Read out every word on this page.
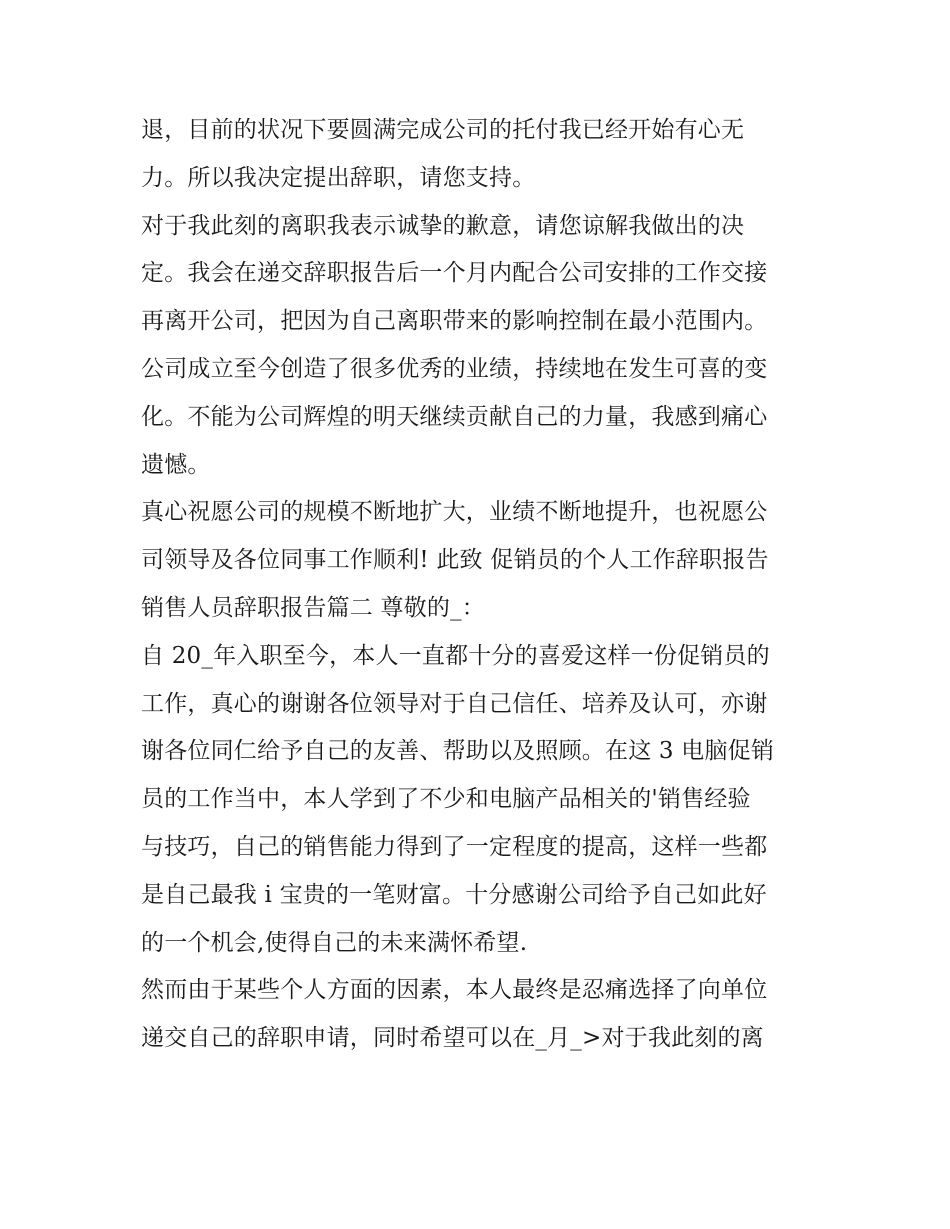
退，目前的状况下要圆满完成公司的托付我已经开始有心无
力。所以我决定提出辞职，请您支持。
对于我此刻的离职我表示诚挚的歉意，请您谅解我做出的决
定。我会在递交辞职报告后一个月内配合公司安排的工作交接
再离开公司，把因为自己离职带来的影响控制在最小范围内。
公司成立至今创造了很多优秀的业绩，持续地在发生可喜的变
化。不能为公司辉煌的明天继续贡献自己的力量，我感到痛心
遗憾。
真心祝愿公司的规模不断地扩大，业绩不断地提升，也祝愿公
司领导及各位同事工作顺利! 此致 促销员的个人工作辞职报告
销售人员辞职报告篇二 尊敬的_：
自 20_年入职至今，本人一直都十分的喜爱这样一份促销员的
工作，真心的谢谢各位领导对于自己信任、培养及认可，亦谢
谢各位同仁给予自己的友善、帮助以及照顾。在这 3 电脑促销
员的工作当中，本人学到了不少和电脑产品相关的'销售经验
与技巧，自己的销售能力得到了一定程度的提高，这样一些都
是自己最我 i 宝贵的一笔财富。十分感谢公司给予自己如此好
的一个机会,使得自己的未来满怀希望.
然而由于某些个人方面的因素，本人最终是忍痛选择了向单位
递交自己的辞职申请，同时希望可以在_月_>对于我此刻的离
